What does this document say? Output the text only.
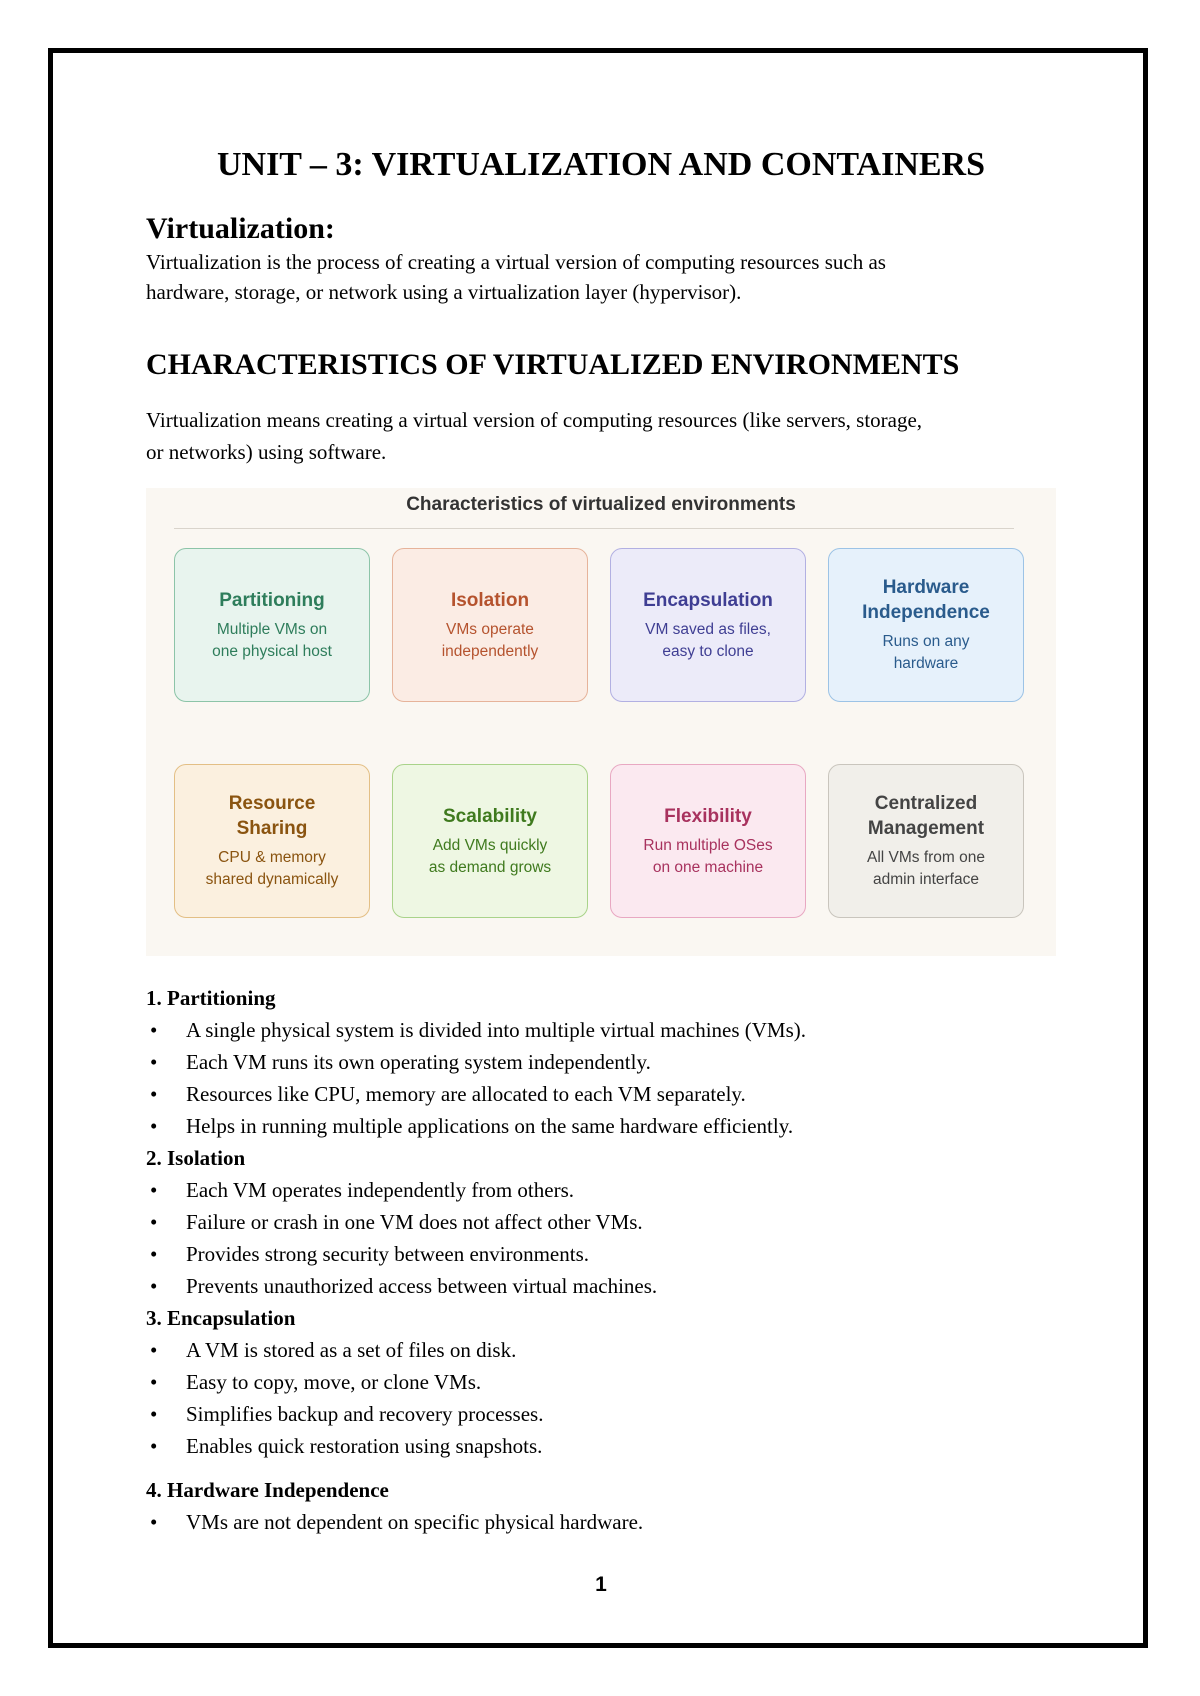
UNIT – 3: VIRTUALIZATION AND CONTAINERS
Virtualization:

Virtualization is the process of creating a virtual version of computing resources such as

hardware, storage, or network using a virtualization layer (hypervisor).

CHARACTERISTICS OF VIRTUALIZED ENVIRONMENTS

Virtualization means creating a virtual version of computing resources (like servers, storage,

or networks) using software.

Characteristics of virtualized environments
Partitioning
Multiple VMs on
one physical host
Isolation
VMs operate
independently
Encapsulation
VM saved as files,
easy to clone
Hardware Independence
Runs on any
hardware
Resource Sharing
CPU & memory
shared dynamically
Scalability
Add VMs quickly
as demand grows
Flexibility
Run multiple OSes
on one machine
Centralized Management
All VMs from one
admin interface
1. Partitioning
• A single physical system is divided into multiple virtual machines (VMs).
• Each VM runs its own operating system independently.
• Resources like CPU, memory are allocated to each VM separately.
• Helps in running multiple applications on the same hardware efficiently.
2. Isolation
• Each VM operates independently from others.
• Failure or crash in one VM does not affect other VMs.
• Provides strong security between environments.
• Prevents unauthorized access between virtual machines.
3. Encapsulation
• A VM is stored as a set of files on disk.
• Easy to copy, move, or clone VMs.
• Simplifies backup and recovery processes.
• Enables quick restoration using snapshots.
4. Hardware Independence
• VMs are not dependent on specific physical hardware.
1
